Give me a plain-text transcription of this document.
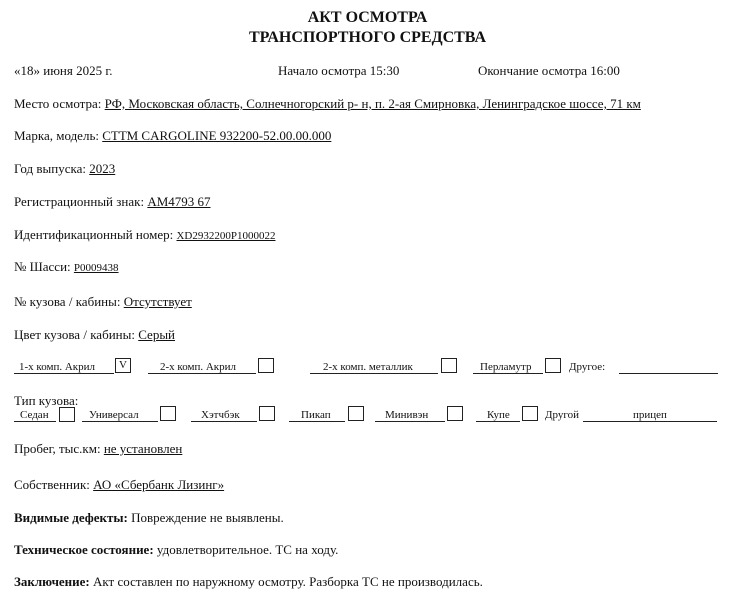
АКТ ОСМОТРА
ТРАНСПОРТНОГО СРЕДСТВА
«18» июня 2025 г.	Начало осмотра 15:30	Окончание осмотра 16:00
Место осмотра: РФ, Московская область, Солнечногорский р- н, п. 2-ая Смирновка, Ленинградское шоссе, 71 км
Марка, модель: СТТМ CARGOLINE 932200-52.00.00.000
Год выпуска: 2023
Регистрационный знак: АМ4793 67
Идентификационный номер: XD2932200P1000022
№ Шасси: P0009438
№ кузова / кабины: Отсутствует
Цвет кузова / кабины: Серый
1-х комп. Акрил	V	2-х комп. Акрил	2-х комп. металлик	Перламутр	Другое:
Тип кузова:
Седан	Универсал	Хэтчбэк	Пикап	Минивэн	Купе	Другой	прицеп
Пробег, тыс.км: не установлен
Собственник: АО «Сбербанк Лизинг»
Видимые дефекты: Повреждение не выявлены.
Техническое состояние: удовлетворительное. ТС на ходу.
Заключение: Акт составлен по наружному осмотру. Разборка ТС не производилась.
